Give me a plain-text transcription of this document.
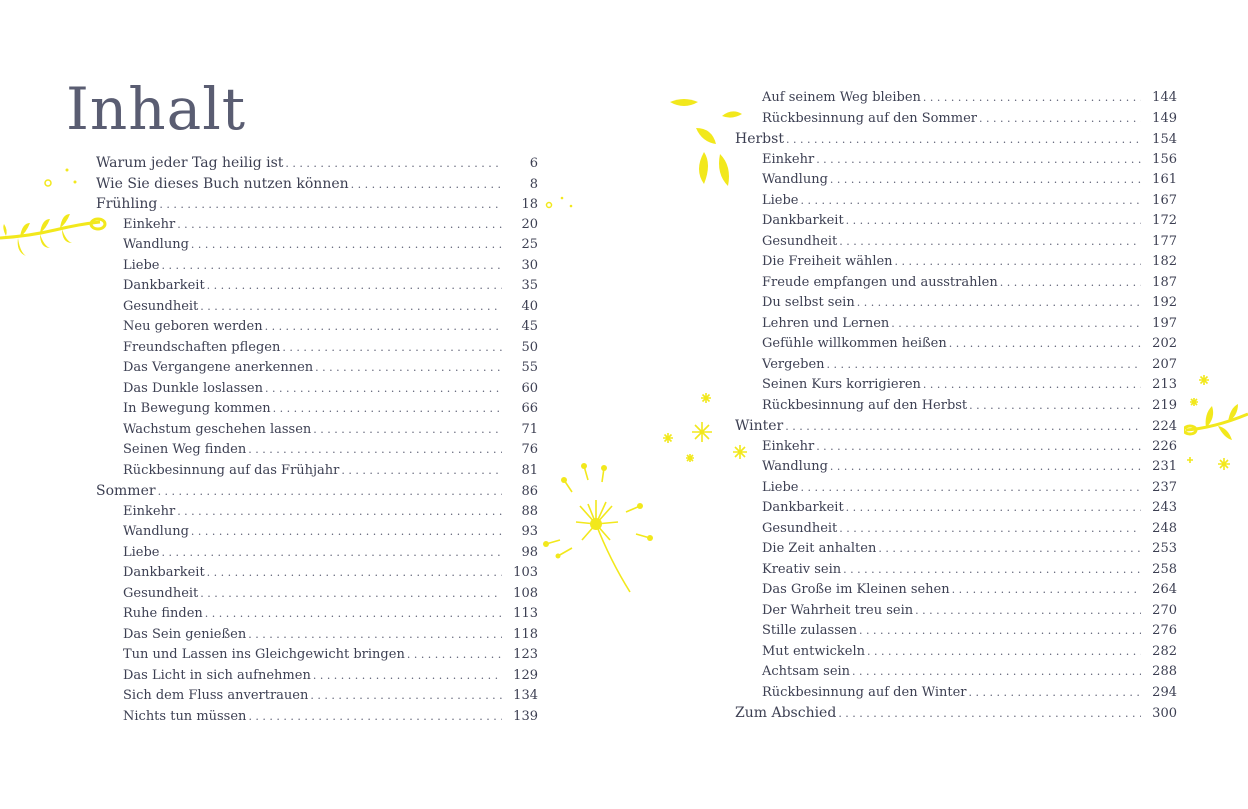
Inhalt
Warum jeder Tag heilig ist . . .	6
Wie Sie dieses Buch nutzen können . . .	8
Frühling . . .	18
Einkehr . . .	20
Wandlung . . .	25
Liebe . . .	30
Dankbarkeit . . .	35
Gesundheit . . .	40
Neu geboren werden . . .	45
Freundschaften pflegen . . .	50
Das Vergangene anerkennen . . .	55
Das Dunkle loslassen . . .	60
In Bewegung kommen . . .	66
Wachstum geschehen lassen . . .	71
Seinen Weg finden . . .	76
Rückbesinnung auf das Frühjahr . . .	81
Sommer . . .	86
Einkehr . . .	88
Wandlung . . .	93
Liebe . . .	98
Dankbarkeit . . .	103
Gesundheit . . .	108
Ruhe finden . . .	113
Das Sein genießen . . .	118
Tun und Lassen ins Gleichgewicht bringen . . .	123
Das Licht in sich aufnehmen . . .	129
Sich dem Fluss anvertrauen . . .	134
Nichts tun müssen . . .	139
Auf seinem Weg bleiben . . .	144
Rückbesinnung auf den Sommer . . .	149
Herbst . . .	154
Einkehr . . .	156
Wandlung . . .	161
Liebe . . .	167
Dankbarkeit . . .	172
Gesundheit . . .	177
Die Freiheit wählen . . .	182
Freude empfangen und ausstrahlen . . .	187
Du selbst sein . . .	192
Lehren und Lernen . . .	197
Gefühle willkommen heißen . . .	202
Vergeben . . .	207
Seinen Kurs korrigieren . . .	213
Rückbesinnung auf den Herbst . . .	219
Winter . . .	224
Einkehr . . .	226
Wandlung . . .	231
Liebe . . .	237
Dankbarkeit . . .	243
Gesundheit . . .	248
Die Zeit anhalten . . .	253
Kreativ sein . . .	258
Das Große im Kleinen sehen . . .	264
Der Wahrheit treu sein . . .	270
Stille zulassen . . .	276
Mut entwickeln . . .	282
Achtsam sein . . .	288
Rückbesinnung auf den Winter . . .	294
Zum Abschied . . .	300
